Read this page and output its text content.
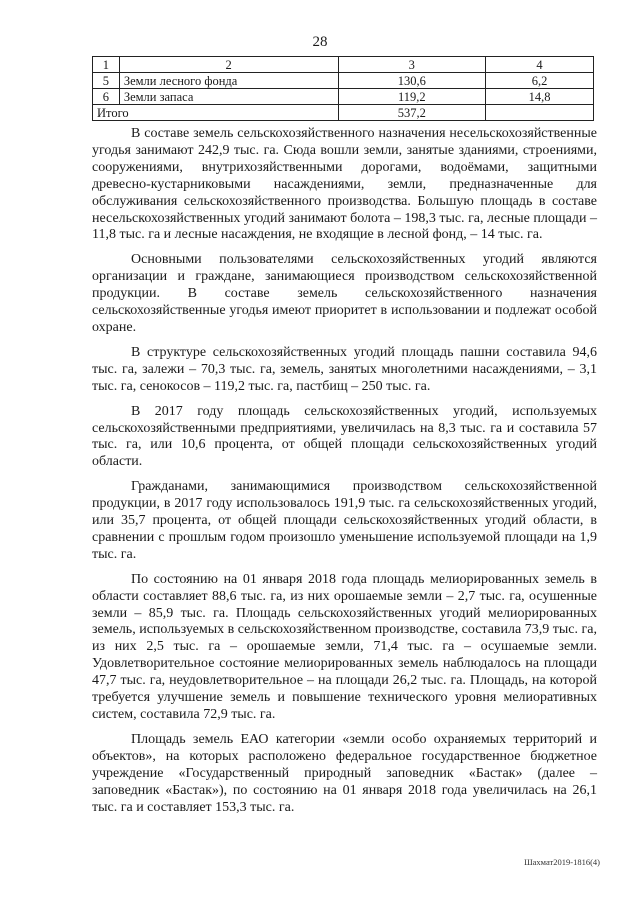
28
1	2	3	4
5	Земли лесного фонда	130,6	6,2
6	Земли запаса	119,2	14,8
Итого		537,2	

В составе земель сельскохозяйственного назначения несельскохозяйственные угодья занимают 242,9 тыс. га. Сюда вошли земли, занятые зданиями, строениями, сооружениями, внутрихозяйственными дорогами, водоёмами, защитными древесно-кустарниковыми насаждениями, земли, предназначенные для обслуживания сельскохозяйственного производства. Большую площадь в составе несельскохозяйственных угодий занимают болота – 198,3 тыс. га, лесные площади – 11,8 тыс. га и лесные насаждения, не входящие в лесной фонд, – 14 тыс. га.

Основными пользователями сельскохозяйственных угодий являются организации и граждане, занимающиеся производством сельскохозяйственной продукции. В составе земель сельскохозяйственного назначения сельскохозяйственные угодья имеют приоритет в использовании и подлежат особой охране.

В структуре сельскохозяйственных угодий площадь пашни составила 94,6 тыс. га, залежи – 70,3 тыс. га, земель, занятых многолетними насаждениями, – 3,1 тыс. га, сенокосов – 119,2 тыс. га, пастбищ – 250 тыс. га.

В 2017 году площадь сельскохозяйственных угодий, используемых сельскохозяйственными предприятиями, увеличилась на 8,3 тыс. га и составила 57 тыс. га, или 10,6 процента, от общей площади сельскохозяйственных угодий области.

Гражданами, занимающимися производством сельскохозяйственной продукции, в 2017 году использовалось 191,9 тыс. га сельскохозяйственных угодий, или 35,7 процента, от общей площади сельскохозяйственных угодий области, в сравнении с прошлым годом произошло уменьшение используемой площади на 1,9 тыс. га.

По состоянию на 01 января 2018 года площадь мелиорированных земель в области составляет 88,6 тыс. га, из них орошаемые земли – 2,7 тыс. га, осушенные земли – 85,9 тыс. га. Площадь сельскохозяйственных угодий мелиорированных земель, используемых в сельскохозяйственном производстве, составила 73,9 тыс. га, из них 2,5 тыс. га – орошаемые земли, 71,4 тыс. га – осушаемые земли. Удовлетворительное состояние мелиорированных земель наблюдалось на площади 47,7 тыс. га, неудовлетворительное – на площади 26,2 тыс. га. Площадь, на которой требуется улучшение земель и повышение технического уровня мелиоративных систем, составила 72,9 тыс. га.

Площадь земель ЕАО категории «земли особо охраняемых территорий и объектов», на которых расположено федеральное государственное бюджетное учреждение «Государственный природный заповедник «Бастак» (далее – заповедник «Бастак»), по состоянию на 01 января 2018 года увеличилась на 26,1 тыс. га и составляет 153,3 тыс. га.

Шахмат2019-1816(4)
